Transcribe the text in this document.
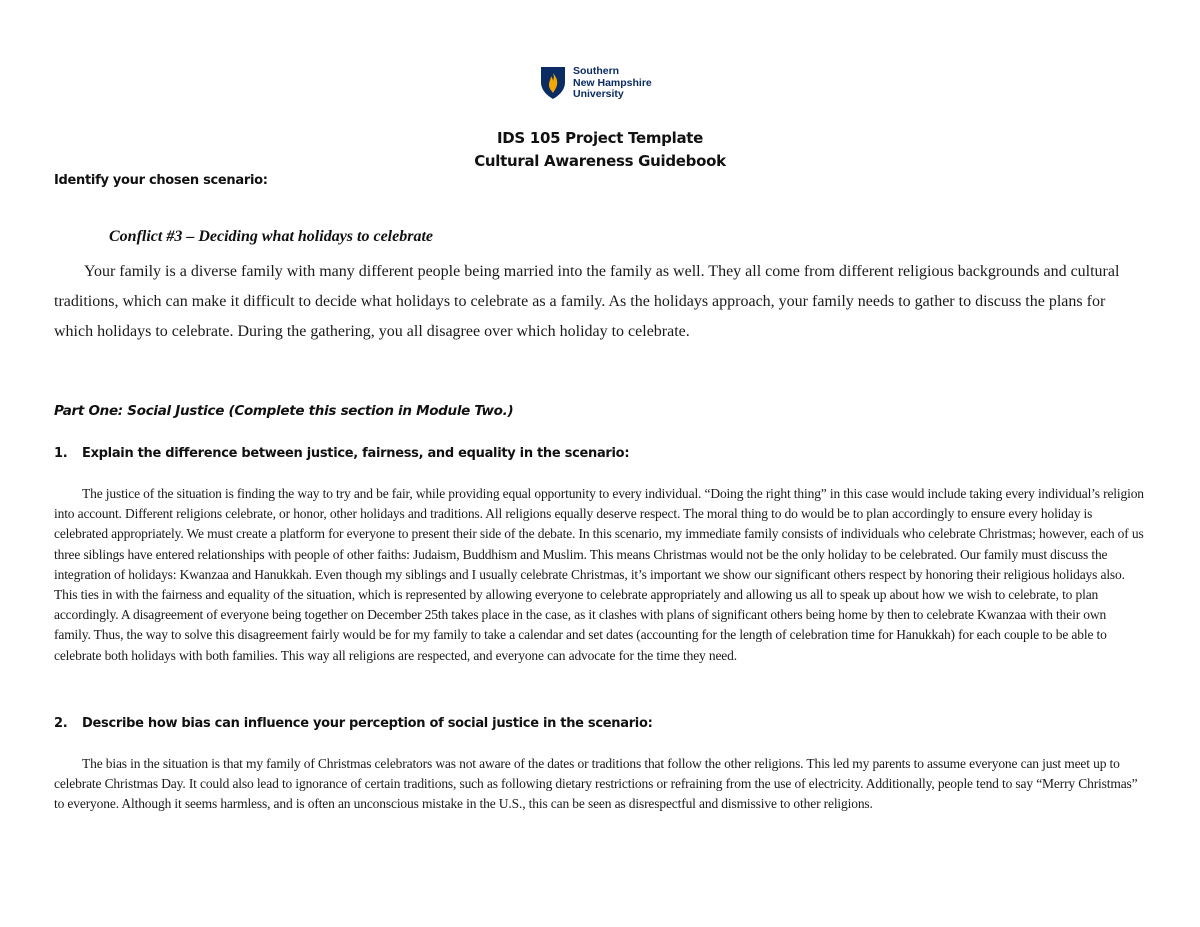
Southern
New Hampshire
University
IDS 105 Project Template
Cultural Awareness Guidebook
Identify your chosen scenario:
Conflict #3 – Deciding what holidays to celebrate

Your family is a diverse family with many different people being married into the family as well. They all come from different religious backgrounds and cultural traditions, which can make it difficult to decide what holidays to celebrate as a family. As the holidays approach, your family needs to gather to discuss the plans for which holidays to celebrate. During the gathering, you all disagree over which holiday to celebrate.

Part One: Social Justice (Complete this section in Module Two.)
1.	Explain the difference between justice, fairness, and equality in the scenario:

The justice of the situation is finding the way to try and be fair, while providing equal opportunity to every individual. “Doing the right thing” in this case would include taking every individual’s religion into account. Different religions celebrate, or honor, other holidays and traditions. All religions equally deserve respect. The moral thing to do would be to plan accordingly to ensure every holiday is celebrated appropriately. We must create a platform for everyone to present their side of the debate. In this scenario, my immediate family consists of individuals who celebrate Christmas; however, each of us three siblings have entered relationships with people of other faiths: Judaism, Buddhism and Muslim. This means Christmas would not be the only holiday to be celebrated. Our family must discuss the integration of holidays: Kwanzaa and Hanukkah. Even though my siblings and I usually celebrate Christmas, it’s important we show our significant others respect by honoring their religious holidays also. This ties in with the fairness and equality of the situation, which is represented by allowing everyone to celebrate appropriately and allowing us all to speak up about how we wish to celebrate, to plan accordingly. A disagreement of everyone being together on December 25th takes place in the case, as it clashes with plans of significant others being home by then to celebrate Kwanzaa with their own family. Thus, the way to solve this disagreement fairly would be for my family to take a calendar and set dates (accounting for the length of celebration time for Hanukkah) for each couple to be able to celebrate both holidays with both families. This way all religions are respected, and everyone can advocate for the time they need.

2.	Describe how bias can influence your perception of social justice in the scenario:

The bias in the situation is that my family of Christmas celebrators was not aware of the dates or traditions that follow the other religions. This led my parents to assume everyone can just meet up to celebrate Christmas Day. It could also lead to ignorance of certain traditions, such as following dietary restrictions or refraining from the use of electricity. Additionally, people tend to say “Merry Christmas” to everyone. Although it seems harmless, and is often an unconscious mistake in the U.S., this can be seen as disrespectful and dismissive to other religions.
